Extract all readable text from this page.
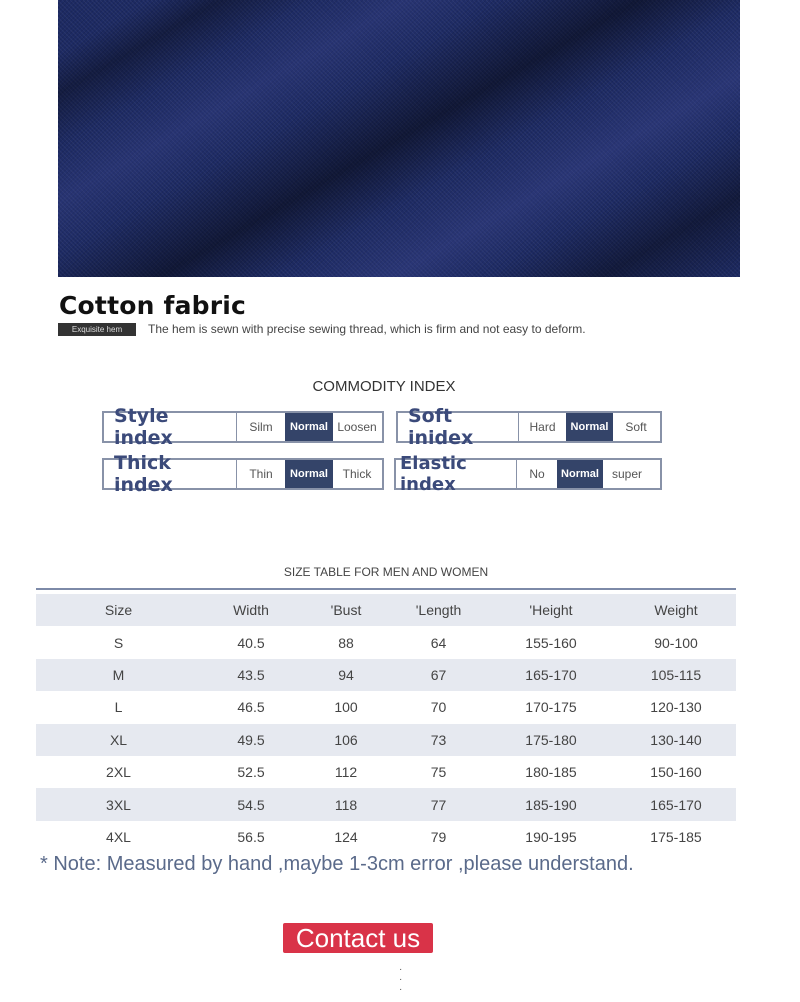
Cotton fabric
Exquisite hem	The hem is sewn with precise sewing thread, which is firm and not easy to deform.
COMMODITY INDEX
Style index	Silm	Normal Loosen	Soft inidex	Hard	Normal	Soft
Thick index	Thin	Normal	Thick	Elastic index	No	Normal	super
SIZE TABLE FOR MEN AND WOMEN
Size	Width	'Bust	'Length	'Height	Weight
S	40.5	88	64	155-160	90-100
M	43.5	94	67	165-170	105-115
L	46.5	100	70	170-175	120-130
XL	49.5	106	73	175-180	130-140
2XL	52.5	112	75	180-185	150-160
3XL	54.5	118	77	185-190	165-170
4XL	56.5	124	79	190-195	175-185
* Note: Measured by hand ,maybe 1-3cm error ,please understand.
Contact us
·
·
·
